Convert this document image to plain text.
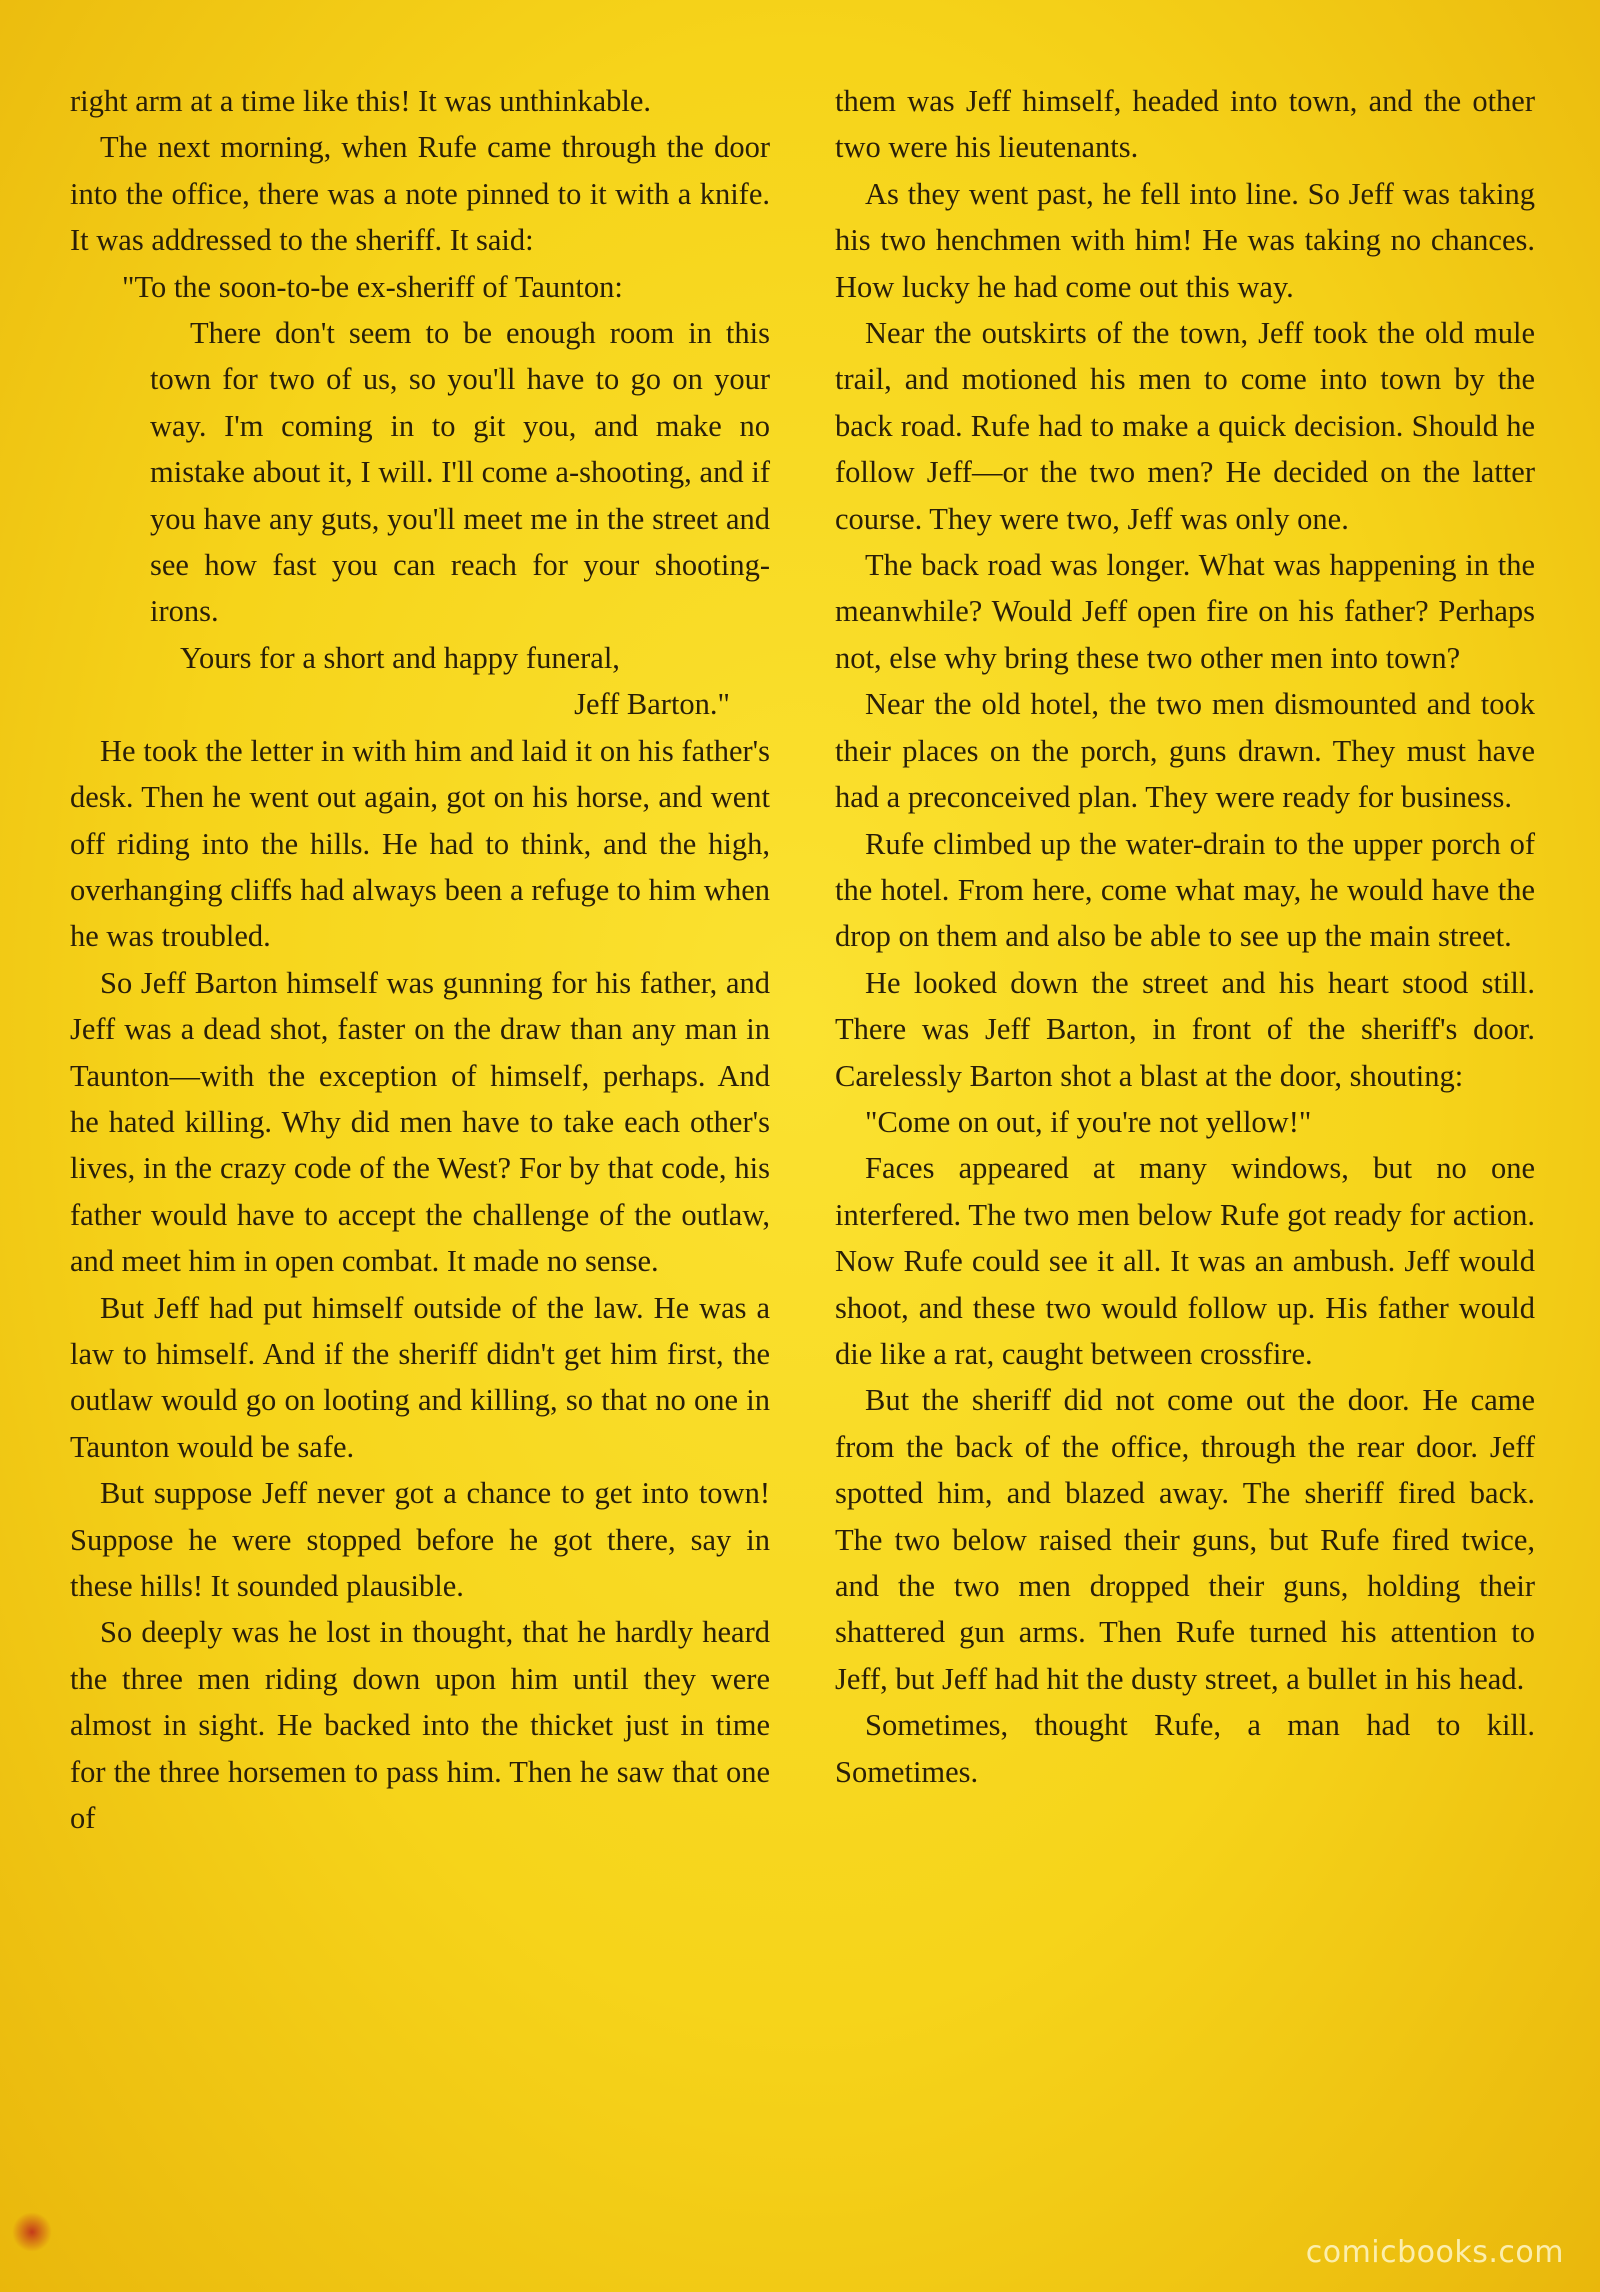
right arm at a time like this! It was unthinkable.

The next morning, when Rufe came through the door into the office, there was a note pinned to it with a knife. It was addressed to the sheriff. It said:

"To the soon-to-be ex-sheriff of Taunton:

There don't seem to be enough room in this town for two of us, so you'll have to go on your way. I'm coming in to git you, and make no mistake about it, I will. I'll come a-shooting, and if you have any guts, you'll meet me in the street and see how fast you can reach for your shooting-irons.

Yours for a short and happy funeral,

Jeff Barton."

He took the letter in with him and laid it on his father's desk. Then he went out again, got on his horse, and went off riding into the hills. He had to think, and the high, overhanging cliffs had always been a refuge to him when he was troubled.

So Jeff Barton himself was gunning for his father, and Jeff was a dead shot, faster on the draw than any man in Taunton—with the exception of himself, perhaps. And he hated killing. Why did men have to take each other's lives, in the crazy code of the West? For by that code, his father would have to accept the challenge of the outlaw, and meet him in open combat. It made no sense.

But Jeff had put himself outside of the law. He was a law to himself. And if the sheriff didn't get him first, the outlaw would go on looting and killing, so that no one in Taunton would be safe.

But suppose Jeff never got a chance to get into town! Suppose he were stopped before he got there, say in these hills! It sounded plausible.

So deeply was he lost in thought, that he hardly heard the three men riding down upon him until they were almost in sight. He backed into the thicket just in time for the three horsemen to pass him. Then he saw that one of

them was Jeff himself, headed into town, and the other two were his lieutenants.

As they went past, he fell into line. So Jeff was taking his two henchmen with him! He was taking no chances. How lucky he had come out this way.

Near the outskirts of the town, Jeff took the old mule trail, and motioned his men to come into town by the back road. Rufe had to make a quick decision. Should he follow Jeff—or the two men? He decided on the latter course. They were two, Jeff was only one.

The back road was longer. What was happening in the meanwhile? Would Jeff open fire on his father? Perhaps not, else why bring these two other men into town?

Near the old hotel, the two men dismounted and took their places on the porch, guns drawn. They must have had a preconceived plan. They were ready for business.

Rufe climbed up the water-drain to the upper porch of the hotel. From here, come what may, he would have the drop on them and also be able to see up the main street.

He looked down the street and his heart stood still. There was Jeff Barton, in front of the sheriff's door. Carelessly Barton shot a blast at the door, shouting:

"Come on out, if you're not yellow!"

Faces appeared at many windows, but no one interfered. The two men below Rufe got ready for action. Now Rufe could see it all. It was an ambush. Jeff would shoot, and these two would follow up. His father would die like a rat, caught between crossfire.

But the sheriff did not come out the door. He came from the back of the office, through the rear door. Jeff spotted him, and blazed away. The sheriff fired back. The two below raised their guns, but Rufe fired twice, and the two men dropped their guns, holding their shattered gun arms. Then Rufe turned his attention to Jeff, but Jeff had hit the dusty street, a bullet in his head.

Sometimes, thought Rufe, a man had to kill. Sometimes.

comicbooks.com
